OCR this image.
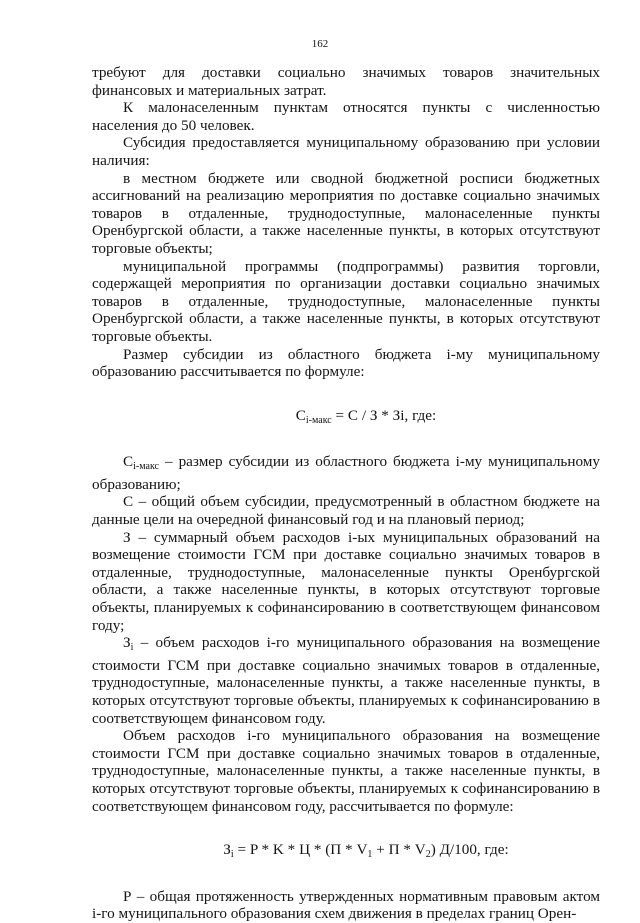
162

требуют для доставки социально значимых товаров значительных финансовых и материальных затрат.

К малонаселенным пунктам относятся пункты с численностью населения до 50 человек.

Субсидия предоставляется муниципальному образованию при условии наличия:

в местном бюджете или сводной бюджетной росписи бюджетных ассигнований на реализацию мероприятия по доставке социально значимых товаров в отдаленные, труднодоступные, малонаселенные пункты Оренбургской области, а также населенные пункты, в которых отсутствуют торговые объекты;

муниципальной программы (подпрограммы) развития торговли, содержащей мероприятия по организации доставки социально значимых товаров в отдаленные, труднодоступные, малонаселенные пункты Оренбургской области, а также населенные пункты, в которых отсутствуют торговые объекты.

Размер субсидии из областного бюджета i-му муниципальному образованию рассчитывается по формуле:

$C_{i-макс} = C / З$ * Зi, где:

$C_{i-макс}$ – размер субсидии из областного бюджета i-му муниципальному образованию;

С – общий объем субсидии, предусмотренный в областном бюджете на данные цели на очередной финансовый год и на плановый период;

З – суммарный объем расходов i-ых муниципальных образований на возмещение стоимости ГСМ при доставке социально значимых товаров в отдаленные, труднодоступные, малонаселенные пункты Оренбургской области, а также населенные пункты, в которых отсутствуют торговые объекты, планируемых к софинансированию в соответствующем финансовом году;

$З_i$ – объем расходов i-го муниципального образования на возмещение стоимости ГСМ при доставке социально значимых товаров в отдаленные, труднодоступные, малонаселенные пункты, а также населенные пункты, в которых отсутствуют торговые объекты, планируемых к софинансированию в соответствующем финансовом году.

Объем расходов i-го муниципального образования на возмещение стоимости ГСМ при доставке социально значимых товаров в отдаленные, труднодоступные, малонаселенные пункты, а также населенные пункты, в которых отсутствуют торговые объекты, планируемых к софинансированию в соответствующем финансовом году, рассчитывается по формуле:

$З_i = P * K * Ц * (П * V_1 + П * V_2)$ Д/100, где:

Р – общая протяженность утвержденных нормативным правовым актом i-го муниципального образования схем движения в пределах границ Орен-
